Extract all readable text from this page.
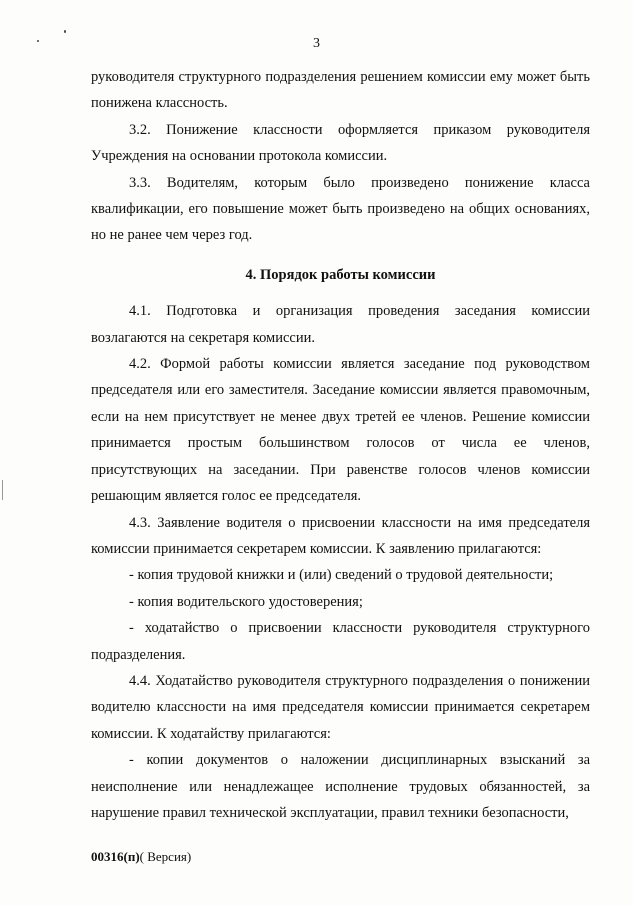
3

руководителя структурного подразделения решением комиссии ему может быть понижена классность.

3.2. Понижение классности оформляется приказом руководителя Учреждения на основании протокола комиссии.

3.3. Водителям, которым было произведено понижение класса квалификации, его повышение может быть произведено на общих основаниях, но не ранее чем через год.

4. Порядок работы комиссии

4.1. Подготовка и организация проведения заседания комиссии возлагаются на секретаря комиссии.

4.2. Формой работы комиссии является заседание под руководством председателя или его заместителя. Заседание комиссии является правомочным, если на нем присутствует не менее двух третей ее членов. Решение комиссии принимается простым большинством голосов от числа ее членов, присутствующих на заседании. При равенстве голосов членов комиссии решающим является голос ее председателя.

4.3. Заявление водителя о присвоении классности на имя председателя комиссии принимается секретарем комиссии. К заявлению прилагаются:

- копия трудовой книжки и (или) сведений о трудовой деятельности;

- копия водительского удостоверения;

- ходатайство о присвоении классности руководителя структурного подразделения.

4.4. Ходатайство руководителя структурного подразделения о понижении водителю классности на имя председателя комиссии принимается секретарем комиссии. К ходатайству прилагаются:

- копии документов о наложении дисциплинарных взысканий за неисполнение или ненадлежащее исполнение трудовых обязанностей, за нарушение правил технической эксплуатации, правил техники безопасности,

00316(п)( Версия)
